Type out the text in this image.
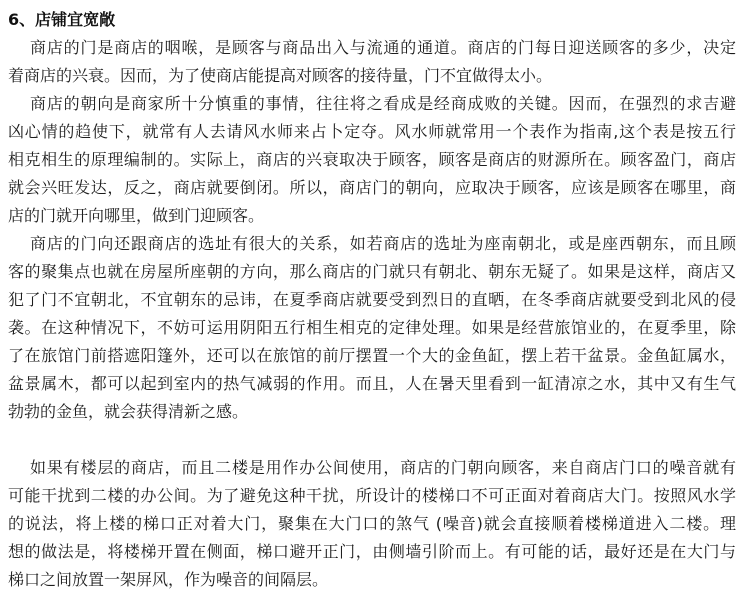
6、店铺宜宽敞
商店的门是商店的咽喉，是顾客与商品出入与流通的通道。商店的门每日迎送顾客的多少，决定
着商店的兴衰。因而，为了使商店能提高对顾客的接待量，门不宜做得太小。
商店的朝向是商家所十分慎重的事情，往往将之看成是经商成败的关键。因而，在强烈的求吉避
凶心情的趋使下，就常有人去请风水师来占卜定夺。风水师就常用一个表作为指南,这个表是按五行
相克相生的原理编制的。实际上，商店的兴衰取决于顾客，顾客是商店的财源所在。顾客盈门，商店
就会兴旺发达，反之，商店就要倒闭。所以，商店门的朝向，应取决于顾客，应该是顾客在哪里，商
店的门就开向哪里，做到门迎顾客。
商店的门向还跟商店的选址有很大的关系，如若商店的选址为座南朝北，或是座西朝东，而且顾
客的聚集点也就在房屋所座朝的方向，那么商店的门就只有朝北、朝东无疑了。如果是这样，商店又
犯了门不宜朝北，不宜朝东的忌讳，在夏季商店就要受到烈日的直晒，在冬季商店就要受到北风的侵
袭。在这种情况下，不妨可运用阴阳五行相生相克的定律处理。如果是经营旅馆业的，在夏季里，除
了在旅馆门前搭遮阳篷外，还可以在旅馆的前厅摆置一个大的金鱼缸，摆上若干盆景。金鱼缸属水，
盆景属木，都可以起到室内的热气减弱的作用。而且，人在暑天里看到一缸清凉之水，其中又有生气
勃勃的金鱼，就会获得清新之感。
如果有楼层的商店，而且二楼是用作办公间使用，商店的门朝向顾客，来自商店门口的噪音就有
可能干扰到二楼的办公间。为了避免这种干扰，所设计的楼梯口不可正面对着商店大门。按照风水学
的说法，将上楼的梯口正对着大门，聚集在大门口的煞气 (噪音)就会直接顺着楼梯道进入二楼。理
想的做法是，将楼梯开置在侧面，梯口避开正门，由侧墙引阶而上。有可能的话，最好还是在大门与
梯口之间放置一架屏风，作为噪音的间隔层。
